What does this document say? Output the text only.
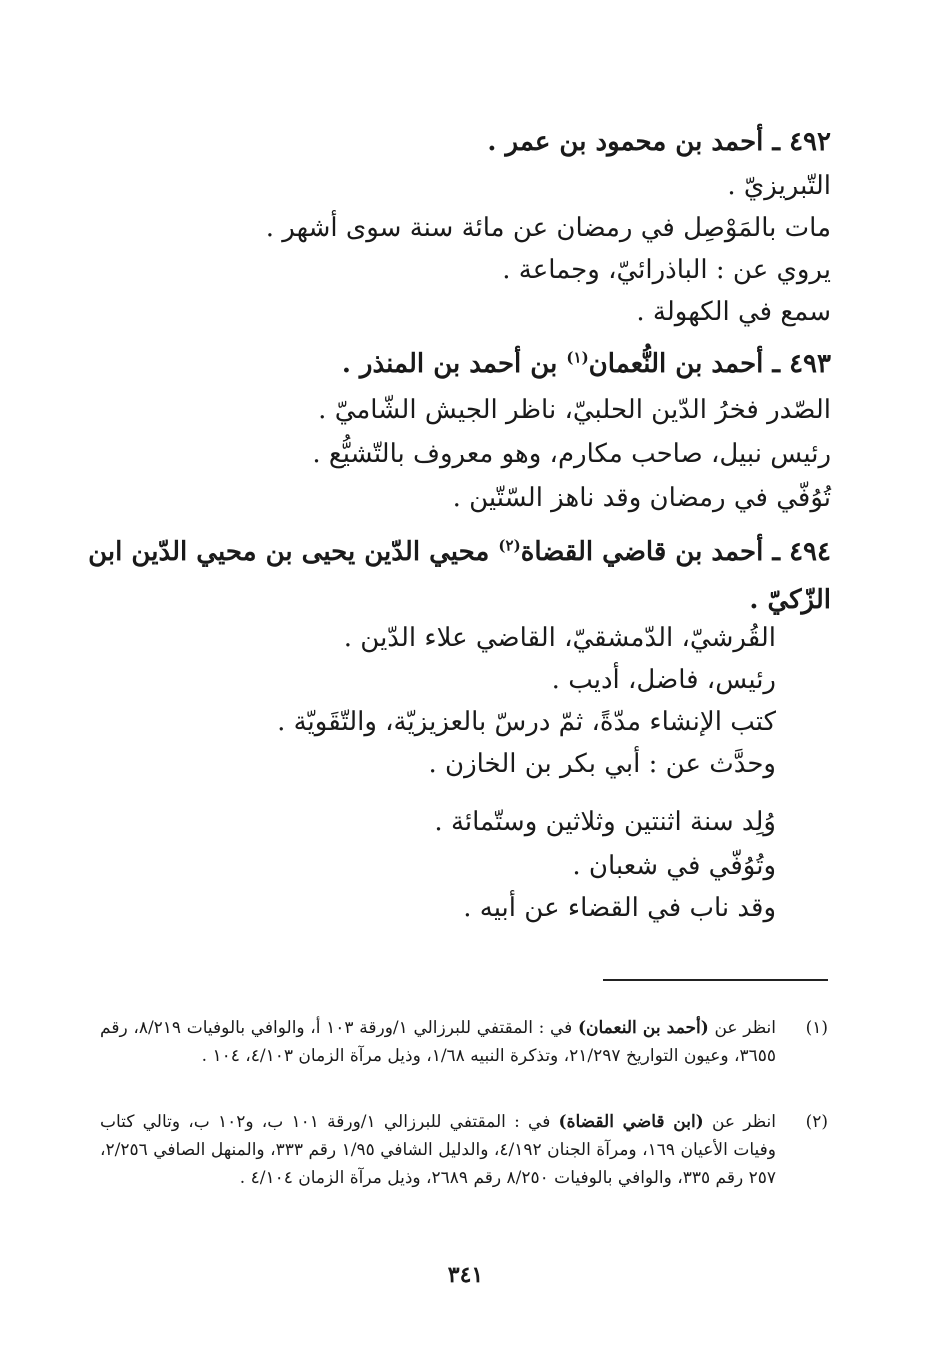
٤٩٢ ـ أحمد بن محمود بن عمر .
التّبريزيّ .
مات بالمَوْصِل في رمضان عن مائة سنة سوى أشهر .
يروي عن : الباذرائيّ، وجماعة .
سمع في الكهولة .
٤٩٣ ـ أحمد بن النُّعمان$^{(١)}$ بن أحمد بن المنذر .
الصّدر فخرُ الدّين الحلبيّ، ناظر الجيش الشّاميّ .
رئيس نبيل، صاحب مكارم، وهو معروف بالتّشيُّع .
تُوُفّي في رمضان وقد ناهز السّتّين .
٤٩٤ ـ أحمد بن قاضي القضاة$^{(٢)}$ محيي الدّين يحيى بن محيي الدّين ابن
الزّكيّ .
القُرشيّ، الدّمشقيّ، القاضي علاء الدّين .
رئيس، فاضل، أديب .
كتب الإنشاء مدّةً، ثمّ درسّ بالعزيزيّة، والتّقَويّة .
وحدَّث عن : أبي بكر بن الخازن .
وُلِد سنة اثنتين وثلاثين وستّمائة .
وتُوُفّي في شعبان .
وقد ناب في القضاء عن أبيه .
(١)
انظر عن (أحمد بن النعمان) في : المقتفي للبرزالي ١/ورقة ١٠٣ أ، والوافي بالوفيات ٨/٢١٩، رقم ٣٦٥٥، وعيون التواريخ ٢١/٢٩٧، وتذكرة النبيه ١/٦٨، وذيل مرآة الزمان ٤/١٠٣، ١٠٤ .
(٢)
انظر عن (ابن قاضي القضاة) في : المقتفي للبرزالي ١/ورقة ١٠١ ب، و١٠٢ ب، وتالي كتاب وفيات الأعيان ١٦٩، ومرآة الجنان ٤/١٩٢، والدليل الشافي ١/٩٥ رقم ٣٣٣، والمنهل الصافي ٢/٢٥٦، ٢٥٧ رقم ٣٣٥، والوافي بالوفيات ٨/٢٥٠ رقم ٢٦٨٩، وذيل مرآة الزمان ٤/١٠٤ .
٣٤١
